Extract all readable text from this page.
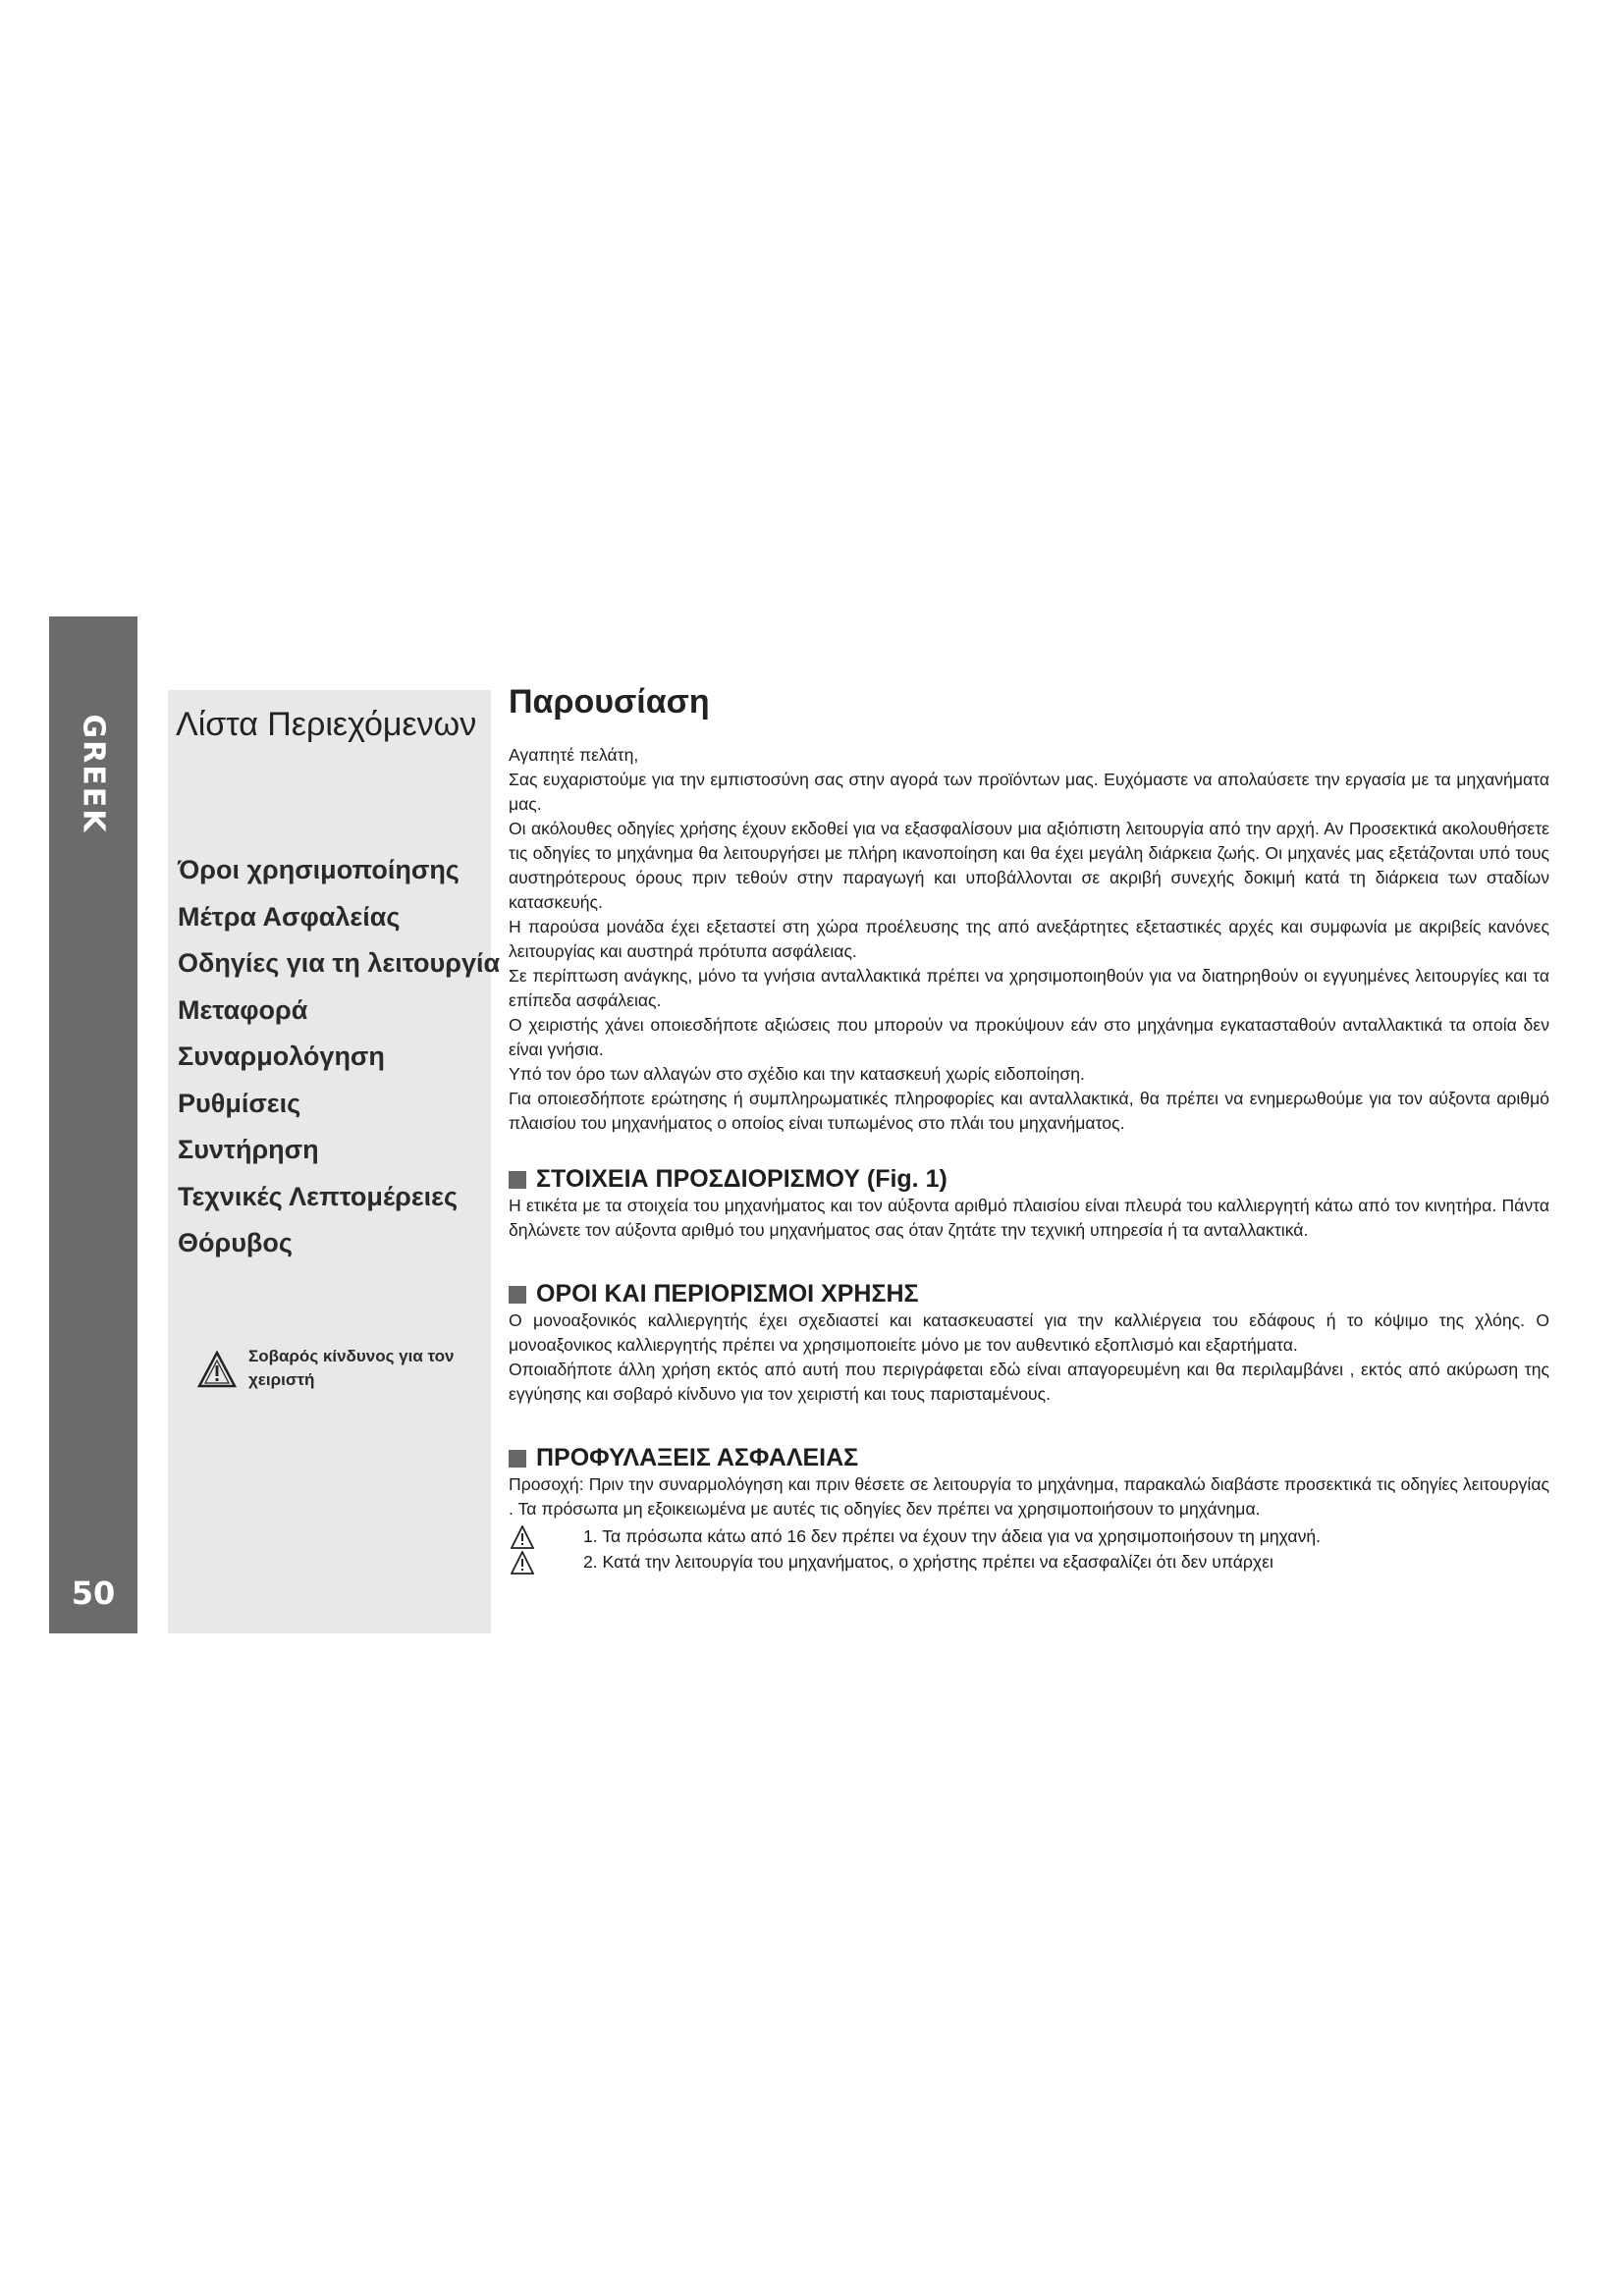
GREEK
50
Λίστα Περιεχόμενων
Όροι χρησιμοποίησης
Μέτρα Ασφαλείας
Οδηγίες για τη λειτουργία
Μεταφορά
Συναρμολόγηση
Ρυθμίσεις
Συντήρηση
Τεχνικές Λεπτομέρειες
Θόρυβος
Σοβαρός κίνδυνος για τον χειριστή
Παρουσίαση

Αγαπητέ πελάτη,

Σας ευχαριστούμε για την εμπιστοσύνη σας στην αγορά των προϊόντων μας. Ευχόμαστε να απολαύσετε την εργασία με τα μηχανήματα μας.

Οι ακόλουθες οδηγίες χρήσης έχουν εκδοθεί για να εξασφαλίσουν μια αξιόπιστη λειτουργία από την αρχή. Αν Προσεκτικά ακολουθήσετε τις οδηγίες το μηχάνημα θα λειτουργήσει με πλήρη ικανοποίηση και θα έχει μεγάλη διάρκεια ζωής. Οι μηχανές μας εξετάζονται υπό τους αυστηρότερους όρους πριν τεθούν στην παραγωγή και υποβάλλονται σε ακριβή συνεχής δοκιμή κατά τη διάρκεια των σταδίων κατασκευής.

Η παρούσα μονάδα έχει εξεταστεί στη χώρα προέλευσης της από ανεξάρτητες εξεταστικές αρχές και συμφωνία με ακριβείς κανόνες λειτουργίας και αυστηρά πρότυπα ασφάλειας.

Σε περίπτωση ανάγκης, μόνο τα γνήσια ανταλλακτικά πρέπει να χρησιμοποιηθούν για να διατηρηθούν οι εγγυημένες λειτουργίες και τα επίπεδα ασφάλειας.

Ο χειριστής χάνει οποιεσδήποτε αξιώσεις που μπορούν να προκύψουν εάν στο μηχάνημα εγκατασταθούν ανταλλακτικά τα οποία δεν είναι γνήσια.

Υπό τον όρο των αλλαγών στο σχέδιο και την κατασκευή χωρίς ειδοποίηση.

Για οποιεσδήποτε ερώτησης ή συμπληρωματικές πληροφορίες και ανταλλακτικά, θα πρέπει να ενημερωθούμε για τον αύξοντα αριθμό πλαισίου του μηχανήματος ο οποίος είναι τυπωμένος στο πλάι του μηχανήματος.

ΣΤΟΙΧΕΙΑ ΠΡΟΣΔΙΟΡΙΣΜΟΥ (Fig. 1)

Η ετικέτα με τα στοιχεία του μηχανήματος και τον αύξοντα αριθμό πλαισίου είναι πλευρά του καλλιεργητή κάτω από τον κινητήρα. Πάντα δηλώνετε τον αύξοντα αριθμό του μηχανήματος σας όταν ζητάτε την τεχνική υπηρεσία ή τα ανταλλακτικά.

ΟΡΟΙ ΚΑΙ ΠΕΡΙΟΡΙΣΜΟΙ ΧΡΗΣΗΣ

Ο μονοαξονικός καλλιεργητής έχει σχεδιαστεί και κατασκευαστεί για την καλλιέργεια του εδάφους ή το κόψιμο της χλόης. Ο μονοαξονικος καλλιεργητής πρέπει να χρησιμοποιείτε μόνο με τον αυθεντικό εξοπλισμό και εξαρτήματα.

Οποιαδήποτε άλλη χρήση εκτός από αυτή που περιγράφεται εδώ είναι απαγορευμένη και θα περιλαμβάνει , εκτός από ακύρωση της εγγύησης και σοβαρό κίνδυνο για τον χειριστή και τους παρισταμένους.

ΠΡΟΦΥΛΑΞΕΙΣ ΑΣΦΑΛΕΙΑΣ

Προσοχή: Πριν την συναρμολόγηση και πριν θέσετε σε λειτουργία το μηχάνημα, παρακαλώ διαβάστε προσεκτικά τις οδηγίες λειτουργίας . Τα πρόσωπα μη εξοικειωμένα με αυτές τις οδηγίες δεν πρέπει να χρησιμοποιήσουν το μηχάνημα.

1. Τα πρόσωπα κάτω από 16 δεν πρέπει να έχουν την άδεια για να χρησιμοποιήσουν τη μηχανή.
2. Κατά την λειτουργία του μηχανήματος, ο χρήστης πρέπει να εξασφαλίζει ότι δεν υπάρχει
